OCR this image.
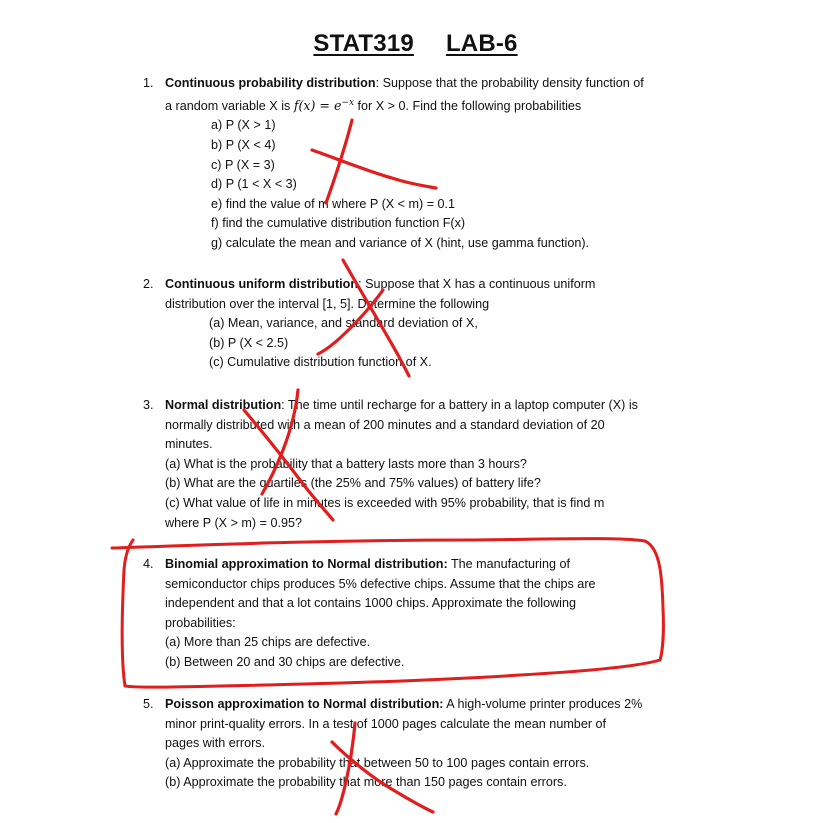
STAT319 LAB-6
1. Continuous probability distribution: Suppose that the probability density function of
a random variable X is $f(x) = e^{-x}$ for X > 0. Find the following probabilities
a) P (X > 1)
b) P (X < 4)
c) P (X = 3)
d) P (1 < X < 3)
e) find the value of m where P (X < m) = 0.1
f) find the cumulative distribution function F(x)
g) calculate the mean and variance of X (hint, use gamma function).
2. Continuous uniform distribution: Suppose that X has a continuous uniform
distribution over the interval [1, 5]. Determine the following
(a) Mean, variance, and standard deviation of X,
(b) P (X < 2.5)
(c) Cumulative distribution function of X.
3. Normal distribution: The time until recharge for a battery in a laptop computer (X) is
normally distributed with a mean of 200 minutes and a standard deviation of 20
minutes.
(a) What is the probability that a battery lasts more than 3 hours?
(b) What are the quartiles (the 25% and 75% values) of battery life?
(c) What value of life in minutes is exceeded with 95% probability, that is find m
where P (X > m) = 0.95?
4. Binomial approximation to Normal distribution: The manufacturing of
semiconductor chips produces 5% defective chips. Assume that the chips are
independent and that a lot contains 1000 chips. Approximate the following
probabilities:
(a) More than 25 chips are defective.
(b) Between 20 and 30 chips are defective.
5. Poisson approximation to Normal distribution: A high-volume printer produces 2%
minor print-quality errors. In a test of 1000 pages calculate the mean number of
pages with errors.
(a) Approximate the probability that between 50 to 100 pages contain errors.
(b) Approximate the probability that more than 150 pages contain errors.
